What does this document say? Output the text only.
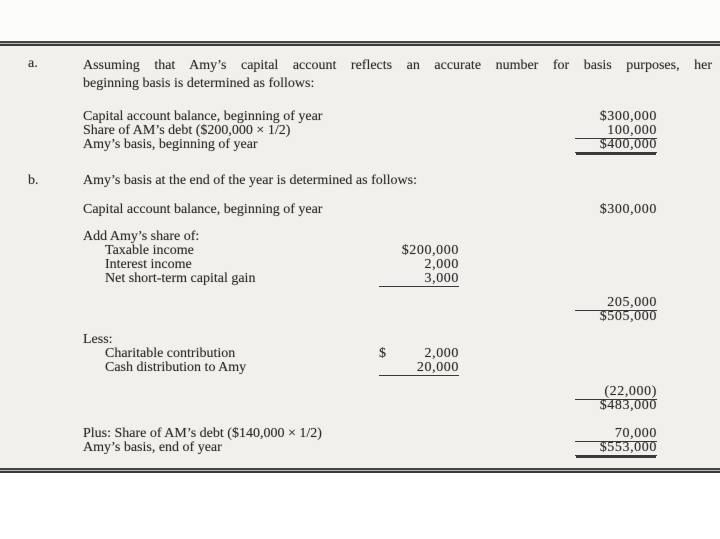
a.	Assuming that Amy’s capital account reflects an accurate number for basis purposes, her
beginning basis is determined as follows:
Capital account balance, beginning of year	$300,000
Share of AM’s debt ($200,000 × 1/2)	100,000
Amy’s basis, beginning of year	$400,000
b.	Amy’s basis at the end of the year is determined as follows:
Capital account balance, beginning of year	$300,000
Add Amy’s share of:
Taxable income	$200,000
Interest income	2,000
Net short-term capital gain	3,000
205,000
$505,000
Less:
Charitable contribution	$	2,000
Cash distribution to Amy	20,000
(22,000)
$483,000
Plus: Share of AM’s debt ($140,000 × 1/2)	70,000
Amy’s basis, end of year	$553,000
